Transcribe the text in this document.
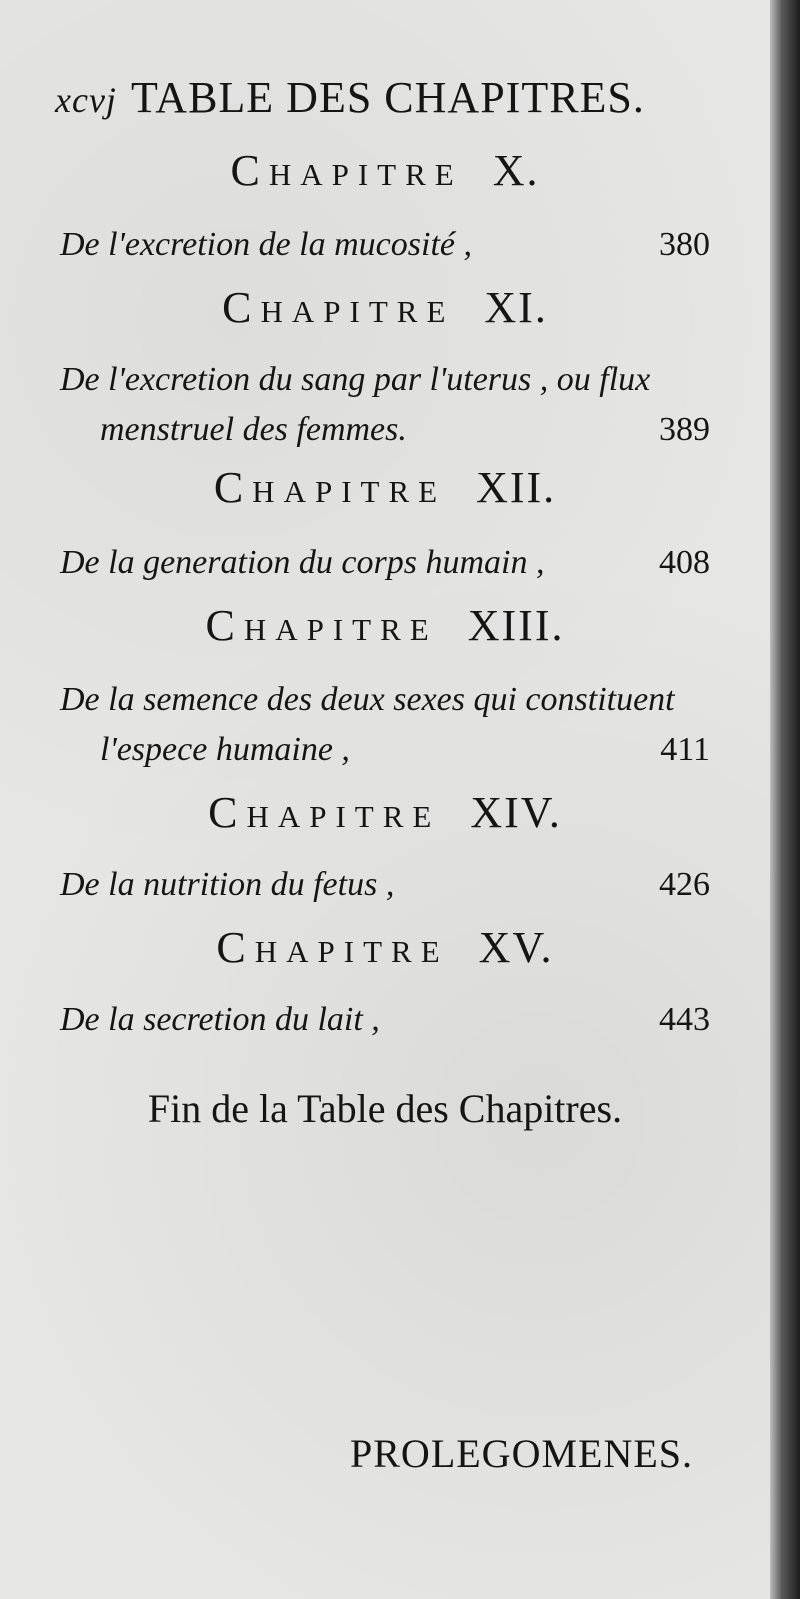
xcvj TABLE DES CHAPITRES.
Chapitre X.
De l'excretion de la mucosité ,	380
Chapitre XI.
De l'excretion du sang par l'uterus , ou flux
menstruel des femmes.	389
Chapitre XII.
De la generation du corps humain ,	408
Chapitre XIII.
De la semence des deux sexes qui constituent
l'espece humaine ,	411
Chapitre XIV.
De la nutrition du fetus ,	426
Chapitre XV.
De la secretion du lait ,	443
Fin de la Table des Chapitres.
PROLEGOMENES.
